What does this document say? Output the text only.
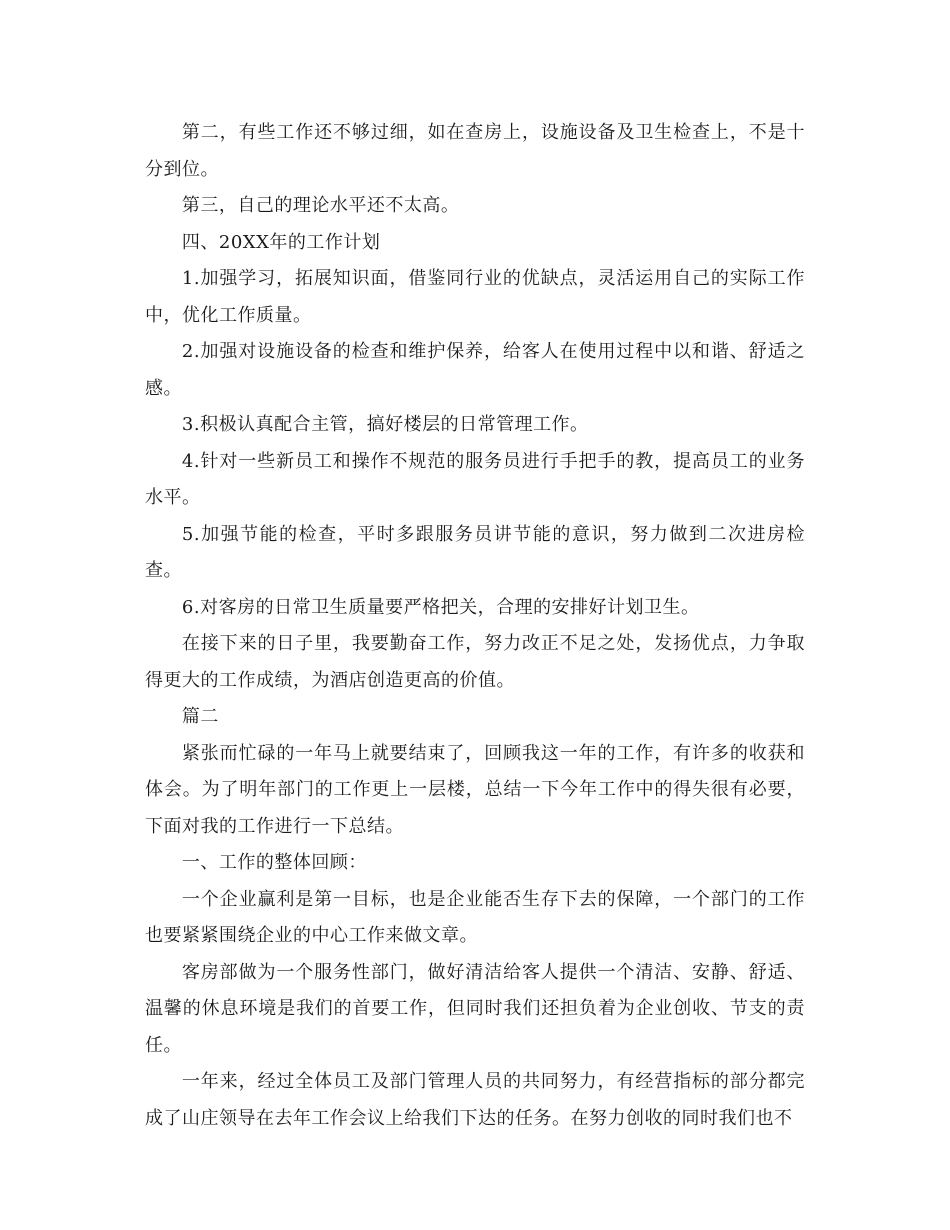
第二，有些工作还不够过细，如在查房上，设施设备及卫生检查上，不是十分到位。

第三，自己的理论水平还不太高。

四、20XX年的工作计划

1.加强学习，拓展知识面，借鉴同行业的优缺点，灵活运用自己的实际工作中，优化工作质量。

2.加强对设施设备的检查和维护保养，给客人在使用过程中以和谐、舒适之感。

3.积极认真配合主管，搞好楼层的日常管理工作。

4.针对一些新员工和操作不规范的服务员进行手把手的教，提高员工的业务水平。

5.加强节能的检查，平时多跟服务员讲节能的意识，努力做到二次进房检查。

6.对客房的日常卫生质量要严格把关，合理的安排好计划卫生。

在接下来的日子里，我要勤奋工作，努力改正不足之处，发扬优点，力争取得更大的工作成绩，为酒店创造更高的价值。

篇二

紧张而忙碌的一年马上就要结束了，回顾我这一年的工作，有许多的收获和体会。为了明年部门的工作更上一层楼，总结一下今年工作中的得失很有必要，下面对我的工作进行一下总结。

一、工作的整体回顾：

一个企业赢利是第一目标，也是企业能否生存下去的保障，一个部门的工作也要紧紧围绕企业的中心工作来做文章。

客房部做为一个服务性部门，做好清洁给客人提供一个清洁、安静、舒适、温馨的休息环境是我们的首要工作，但同时我们还担负着为企业创收、节支的责任。

一年来，经过全体员工及部门管理人员的共同努力，有经营指标的部分都完成了山庄领导在去年工作会议上给我们下达的任务。在努力创收的同时我们也不
